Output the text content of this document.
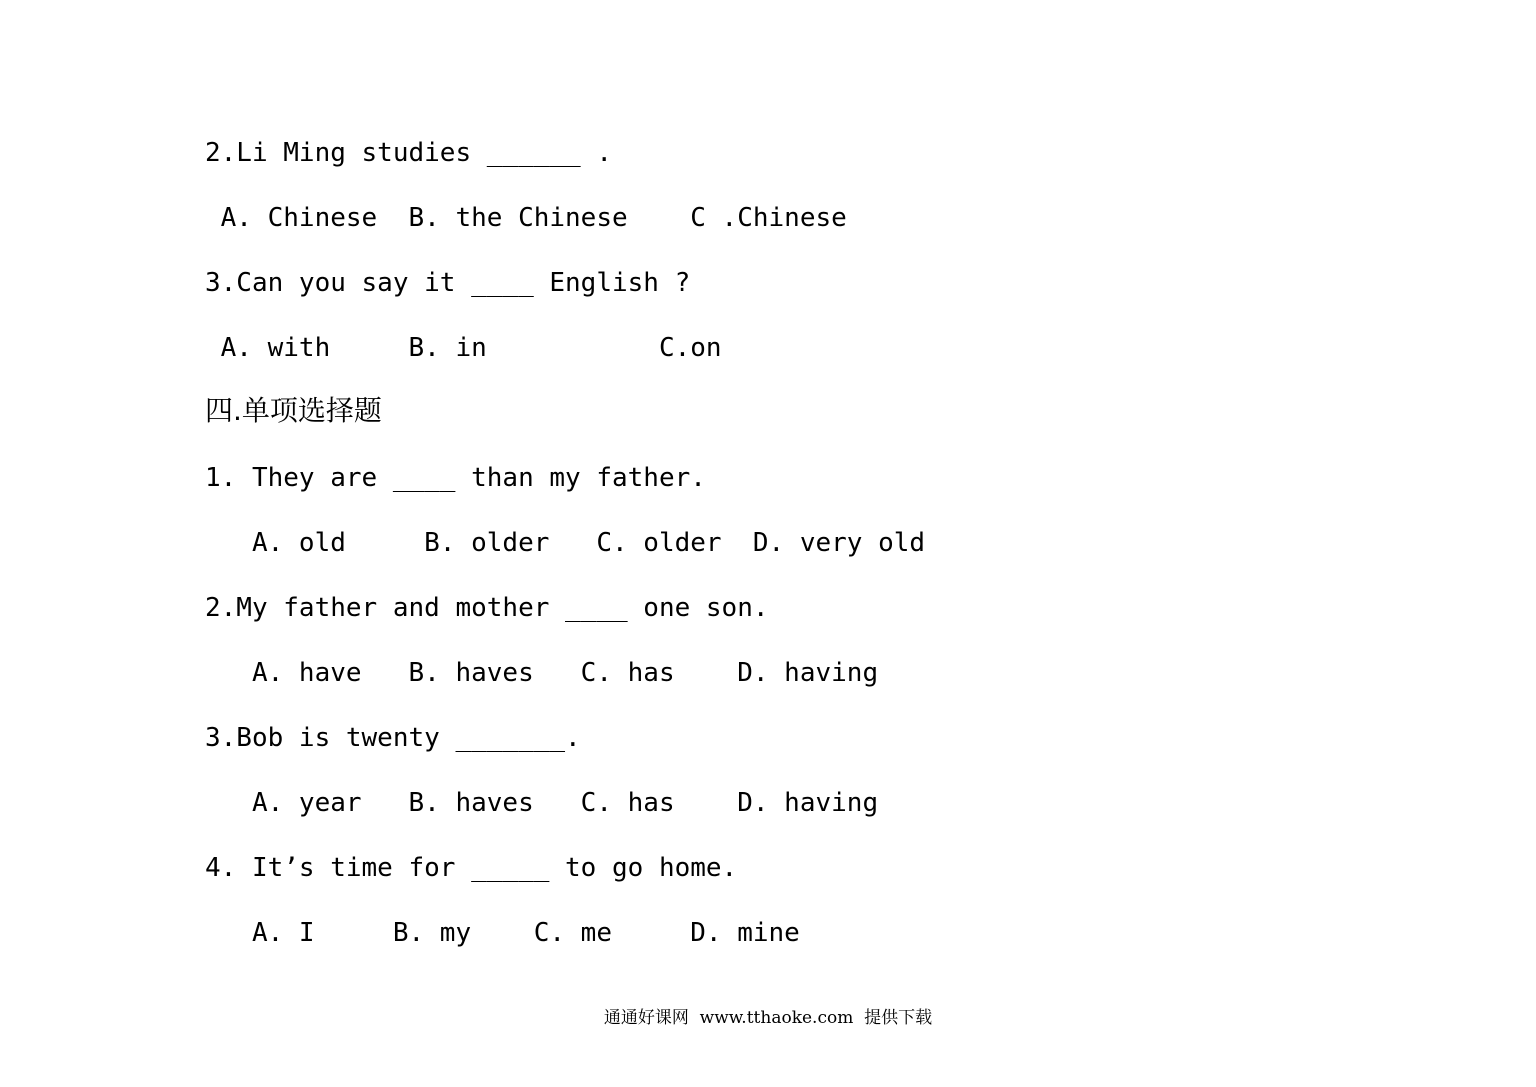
2.Li Ming studies ______ .
A. Chinese  B. the Chinese    C .Chinese
3.Can you say it ____ English ?
A. with     B. in           C.on
四.单项选择题
1. They are ____ than my father.
A. old     B. older   C. older  D. very old
2.My father and mother ____ one son.
A. have   B. haves   C. has    D. having
3.Bob is twenty _______.
A. year   B. haves   C. has    D. having
4. It’s time for _____ to go home.
A. I     B. my    C. me     D. mine
通通好课网  www.tthaoke.com  提供下载
